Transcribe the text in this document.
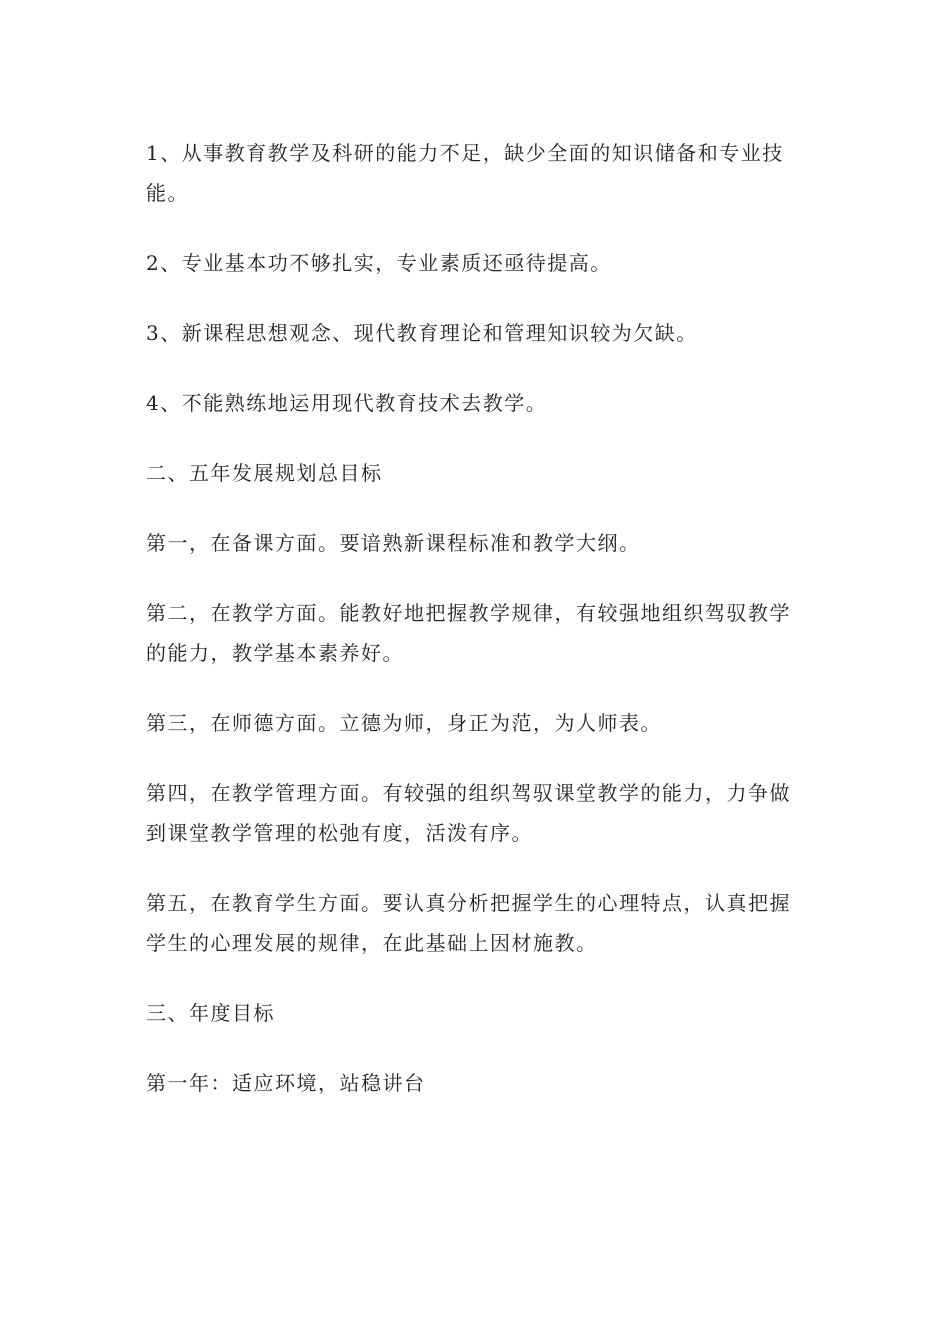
1、从事教育教学及科研的能力不足，缺少全面的知识储备和专业技能。

2、专业基本功不够扎实，专业素质还亟待提高。

3、新课程思想观念、现代教育理论和管理知识较为欠缺。

4、不能熟练地运用现代教育技术去教学。

二、五年发展规划总目标

第一，在备课方面。要谙熟新课程标准和教学大纲。

第二，在教学方面。能教好地把握教学规律，有较强地组织驾驭教学的能力，教学基本素养好。

第三，在师德方面。立德为师，身正为范，为人师表。

第四，在教学管理方面。有较强的组织驾驭课堂教学的能力，力争做到课堂教学管理的松弛有度，活泼有序。

第五，在教育学生方面。要认真分析把握学生的心理特点，认真把握学生的心理发展的规律，在此基础上因材施教。

三、年度目标

第一年：适应环境，站稳讲台
